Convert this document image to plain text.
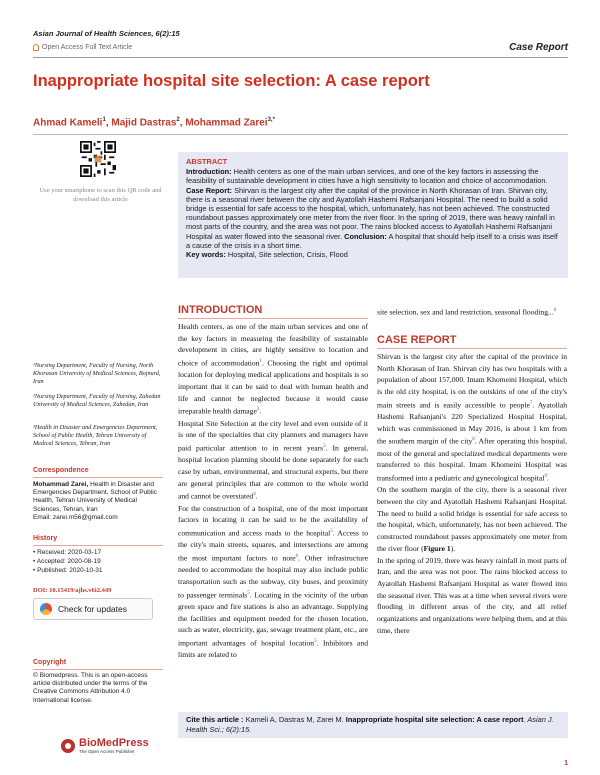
Asian Journal of Health Sciences, 6(2):15
Open Access Full Text Article	Case Report
Inappropriate hospital site selection: A case report
Ahmad Kameli$^1$, Majid Dastras$^2$, Mohammad Zarei$^{3,*}$
Use your smartphone to scan this QR code and download this article
ABSTRACT
Introduction: Health centers as one of the main urban services, and one of the key factors in assessing the feasibility of sustainable development in cities have a high sensitivity to location and choice of accommodation. Case Report: Shirvan is the largest city after the capital of the province in North Khorasan of Iran. Shirvan city, there is a seasonal river between the city and Ayatollah Hashemi Rafsanjani Hospital. The need to build a solid bridge is essential for safe access to the hospital, which, unfortunately, has not been achieved. The constructed roundabout passes approximately one meter from the river floor. In the spring of 2019, there was heavy rainfall in most parts of the country, and the area was not poor. The rains blocked access to Ayatollah Hashemi Rafsanjani Hospital as water flowed into the seasonal river. Conclusion: A hospital that should help itself to a crisis was itself a cause of the crisis in a short time.
Key words: Hospital, Site selection, Crisis, Flood
¹Nursing Department, Faculty of Nursing, North Khorasan University of Medical Sciences, Bojnurd, Iran
²Nursing Department, Faculty of Nursing, Zahedan University of Medical Sciences, Zahedan, Iran
³Health in Disaster and Emergencies Department, School of Public Health, Tehran University of Medical Sciences, Tehran, Iran
Correspondence
Mohammad Zarei, Health in Disaster and Emergencies Department, School of Public Health, Tehran University of Medical Sciences, Tehran, Iran
Email: zarei.m56@gmail.com
History
• Received: 2020-03-17
• Accepted: 2020-08-19
• Published: 2020-10-31
DOI: 10.15419/ajhs.v6i2.449
Check for updates
Copyright
© Biomedpress. This is an open-access article distributed under the terms of the Creative Commons Attribution 4.0 International license.
BioMedPress
The Open Access Publisher
INTRODUCTION

Health centers, as one of the main urban services and one of the key factors in measuring the feasibility of sustainable development in cities, are highly sensitive to location and choice of accommodation$^1$. Choosing the right and optimal location for deploying medical applications and hospitals is so important that it can be said to deal with human health and life and cannot be neglected because it would cause irreparable health damage$^2$.

Hospital Site Selection at the city level and even outside of it is one of the specialties that city planners and managers have paid particular attention to in recent years$^3$. In general, hospital location planning should be done separately for each case by urban, environmental, and structural experts, but there are general principles that are common to the whole world and cannot be overstated$^4$.

For the construction of a hospital, one of the most important factors in locating it can be said to be the availability of communication and access roads to the hospital$^5$. Access to the city's main streets, squares, and intersections are among the most important factors to note$^6$. Other infrastructure needed to accommodate the hospital may also include public transportation such as the subway, city buses, and proximity to passenger terminals$^5$. Locating in the vicinity of the urban green space and fire stations is also an advantage. Supplying the facilities and equipment needed for the chosen location, such as water, electricity, gas, sewage treatment plant, etc., are important advantages of hospital location$^5$. Inhibitors and limits are related to

site selection, sex and land restriction, seasonal flooding...$^6$

CASE REPORT

Shirvan is the largest city after the capital of the province in North Khorasan of Iran. Shirvan city has two hospitals with a population of about 157,000. Imam Khomeini Hospital, which is the old city hospital, is on the outskirts of one of the city's main streets and is easily accessible to people$^7$. Ayatollah Hashemi Rafsanjani's 220 Specialized Hospital Hospital, which was commissioned in May 2016, is about 1 km from the southern margin of the city$^8$. After operating this hospital, most of the general and specialized medical departments were transferred to this hospital. Imam Khomeini Hospital was transformed into a pediatric and gynecological hospital$^9$.

On the southern margin of the city, there is a seasonal river between the city and Ayatollah Hashemi Rafsanjani Hospital. The need to build a solid bridge is essential for safe access to the hospital, which, unfortunately, has not been achieved. The constructed roundabout passes approximately one meter from the river floor (Figure 1).

In the spring of 2019, there was heavy rainfall in most parts of Iran, and the area was not poor. The rains blocked access to Ayatollah Hashemi Rafsanjani Hospital as water flowed into the seasonal river. This was at a time when several rivers were flooding in different areas of the city, and all relief organizations and organizations were helping them, and at this time, there

Cite this article : Kameli A, Dastras M, Zarei M. Inappropriate hospital site selection: A case report. Asian J. Health Sci.; 6(2):15.
1
